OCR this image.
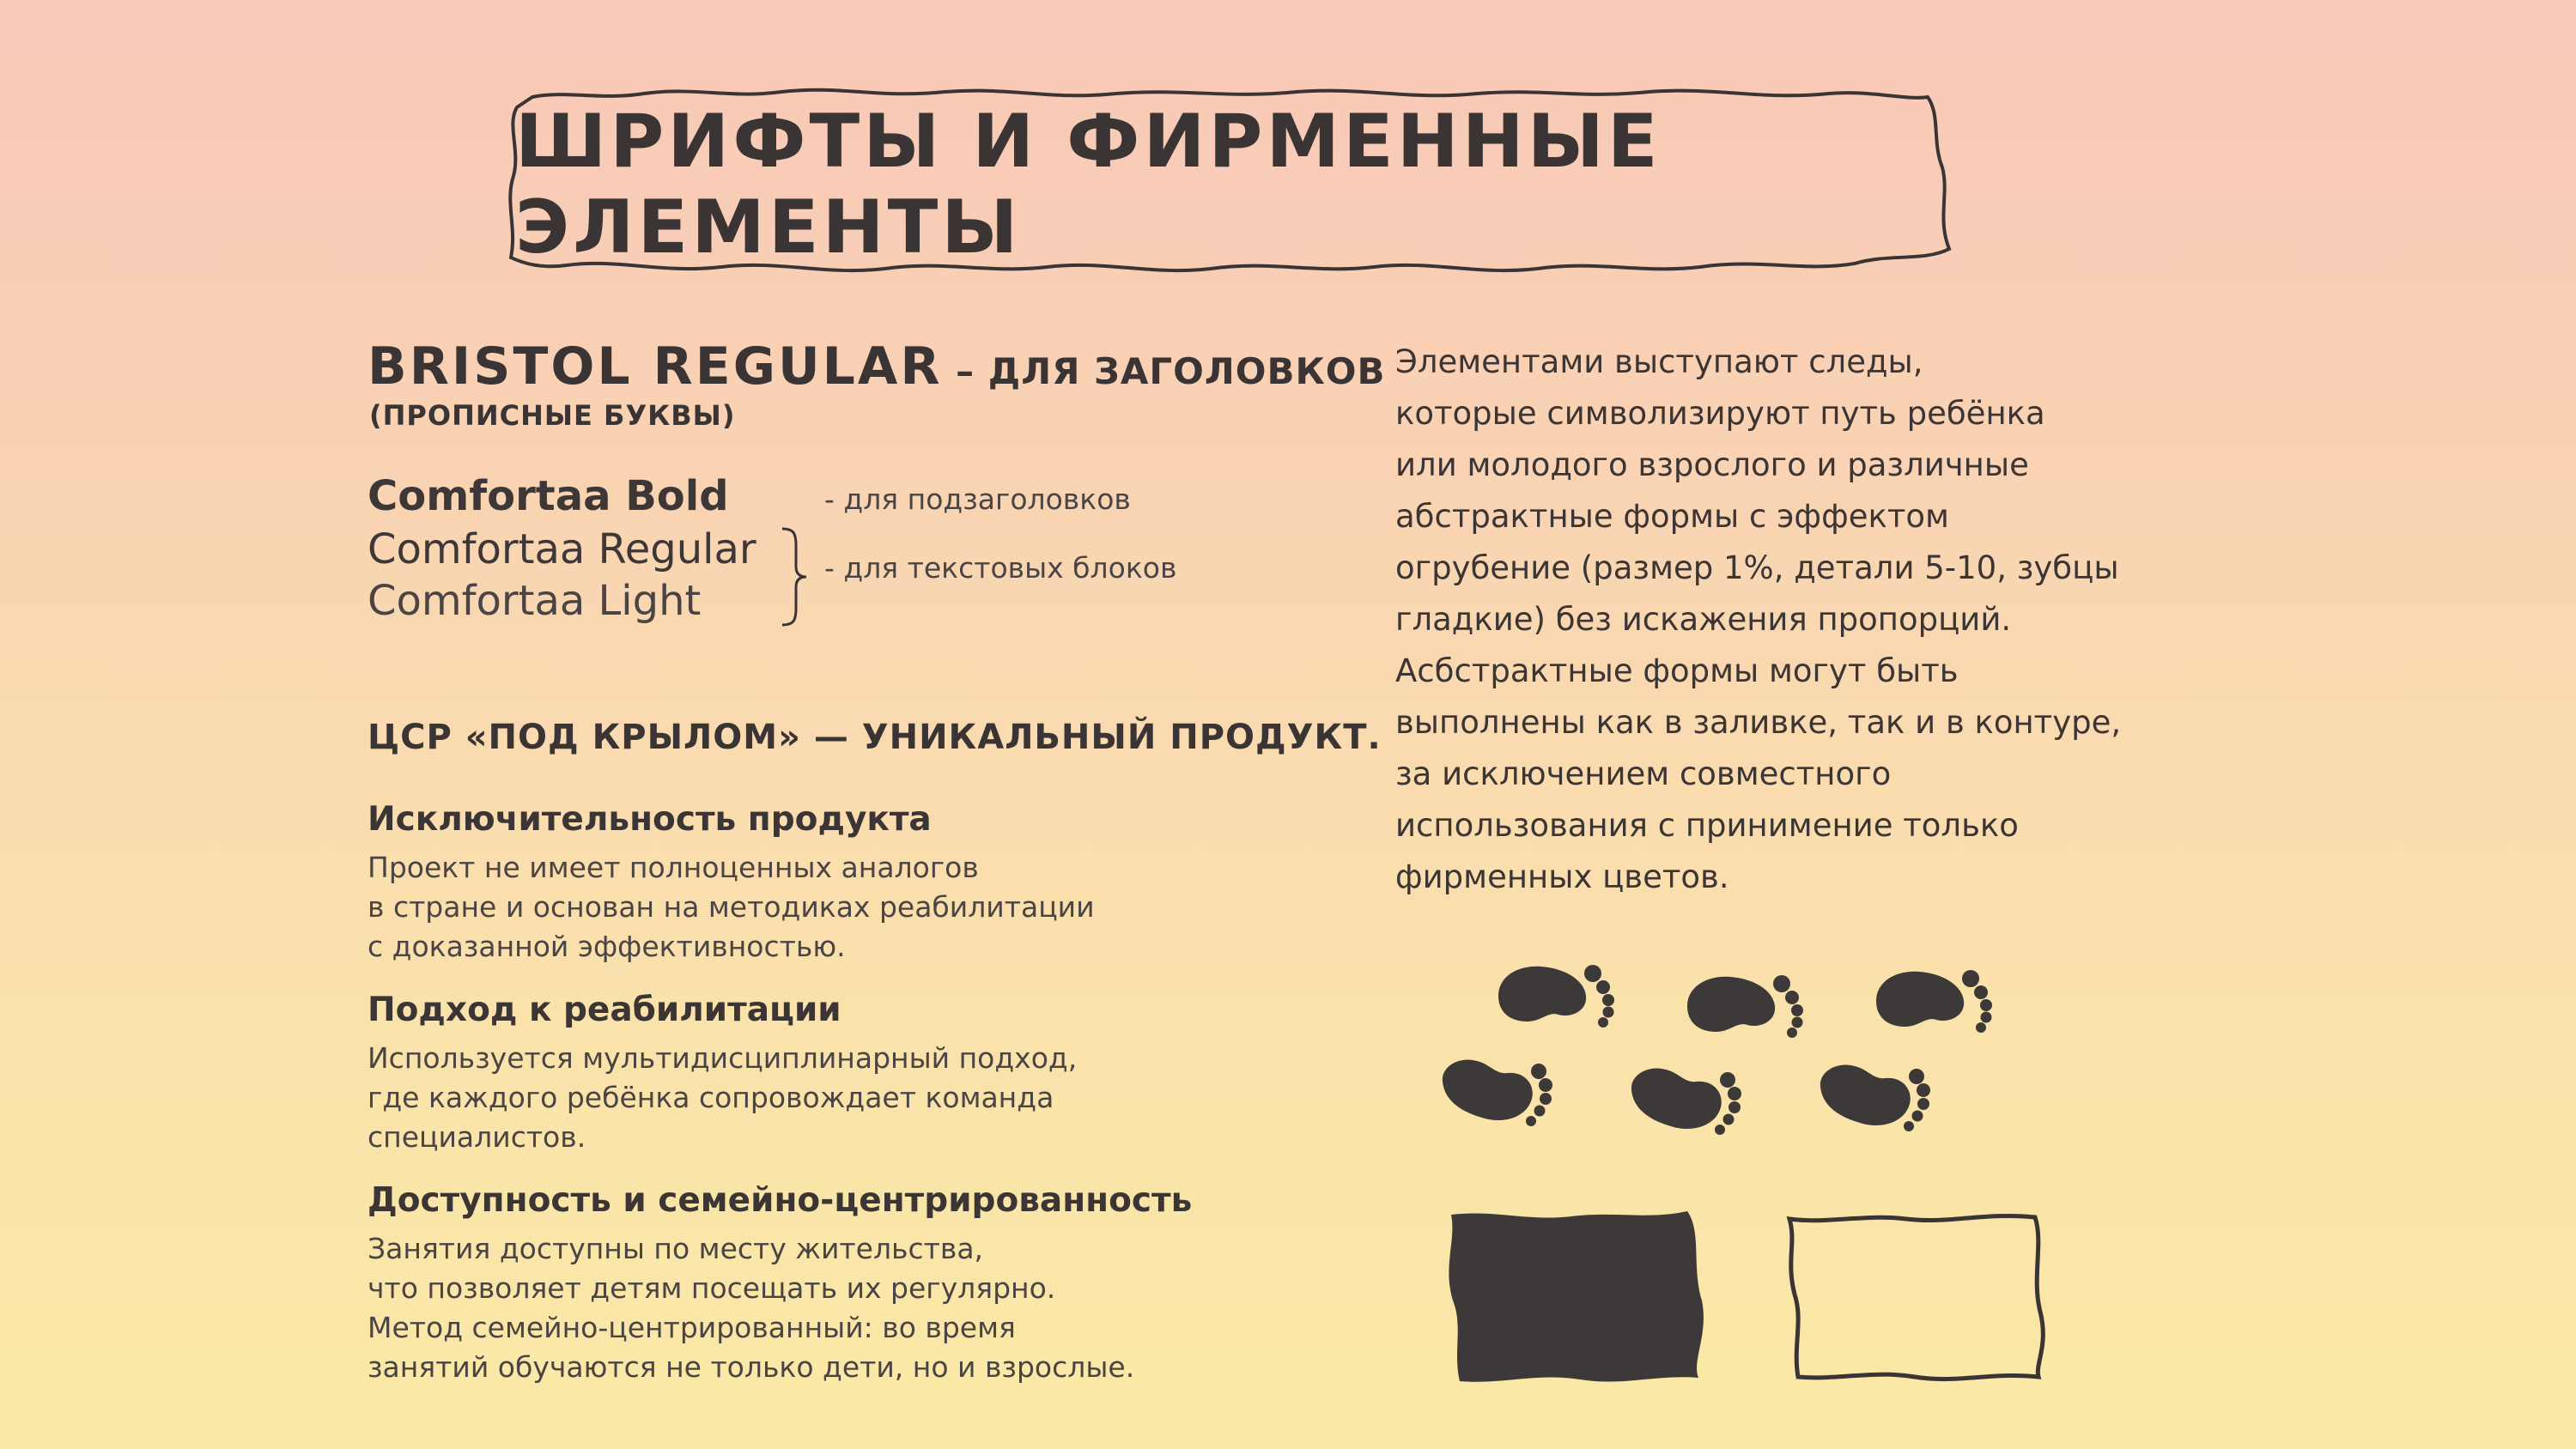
ШРИФТЫ И ФИРМЕННЫЕ ЭЛЕМЕНТЫ
BRISTOL REGULAR – ДЛЯ ЗАГОЛОВКОВ
(ПРОПИСНЫЕ БУКВЫ)
Comfortaa Bold
Comfortaa Regular
Comfortaa Light
- для подзаголовков
- для текстовых блоков
ЦСР «ПОД КРЫЛОМ» — УНИКАЛЬНЫЙ ПРОДУКТ.
Исключительность продукта
Проект не имеет полноценных аналогов
в стране и основан на методиках реабилитации
с доказанной эффективностью.
Подход к реабилитации
Используется мультидисциплинарный подход,
где каждого ребёнка сопровождает команда
специалистов.
Доступность и семейно-центрированность
Занятия доступны по месту жительства,
что позволяет детям посещать их регулярно.
Метод семейно-центрированный: во время
занятий обучаются не только дети, но и взрослые.
Элементами выступают следы,
которые символизируют путь ребёнка
или молодого взрослого и различные
абстрактные формы с эффектом
огрубение (размер 1%, детали 5-10, зубцы
гладкие) без искажения пропорций.
Асбстрактные формы могут быть
выполнены как в заливке, так и в контуре,
за исключением совместного
использования с принимение только
фирменных цветов.
